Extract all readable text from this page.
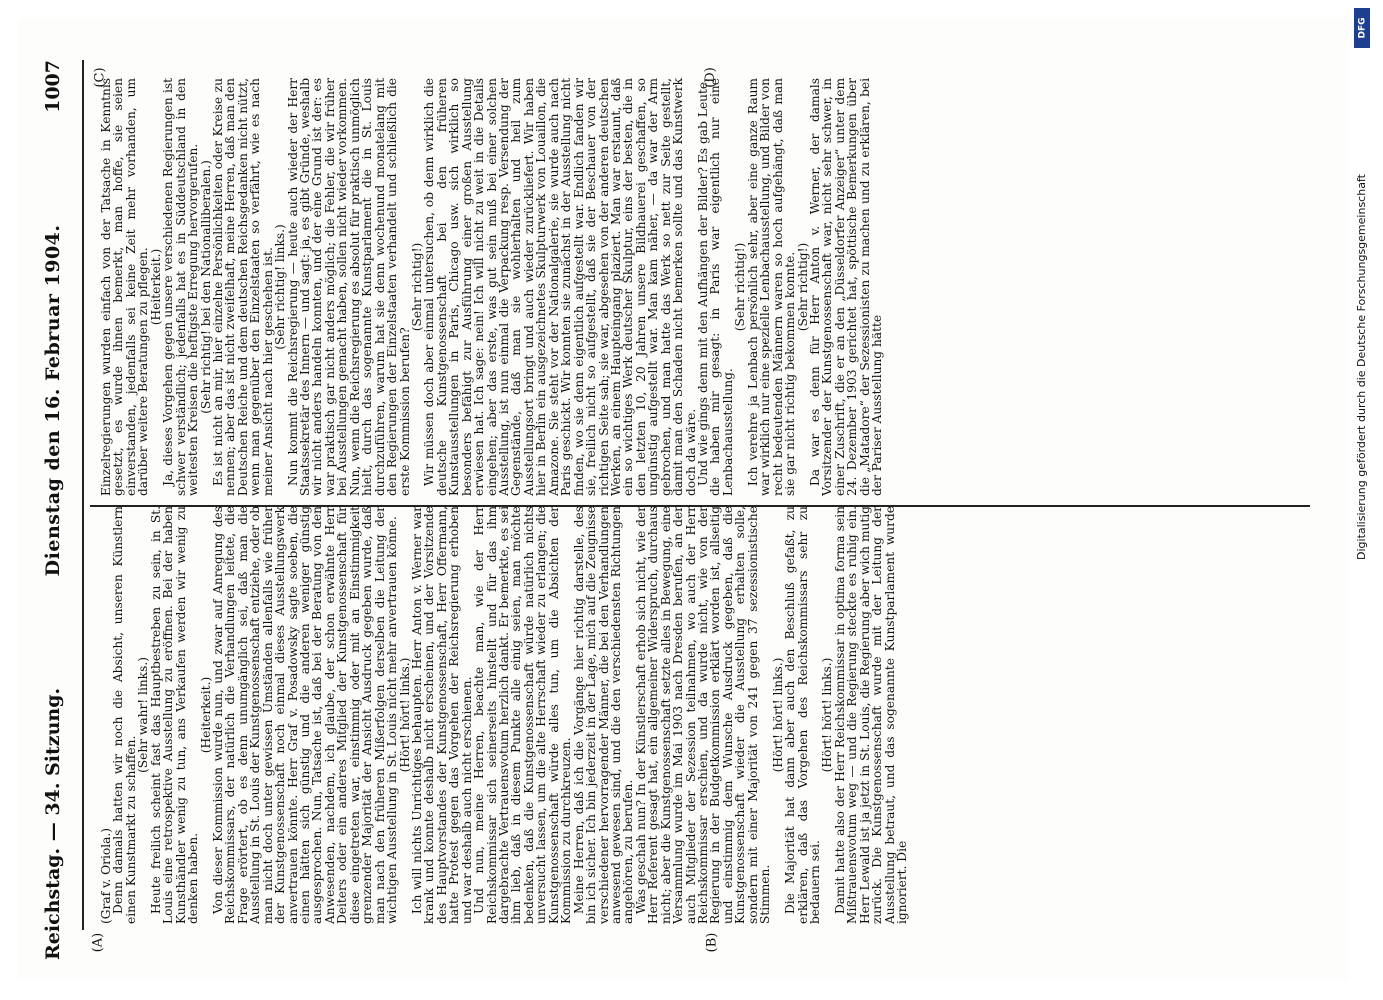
Reichstag. — 34. Sitzung.
Dienstag den 16. Februar 1904.
1007
(A)	(B)
(C)	(D)

(Graf v. Oriola.)

Denn damals hatten wir noch die Absicht, unseren Künstlern einen Kunstmarkt zu schaffen.

(Sehr wahr! links.)

Heute freilich scheint fast das Hauptbestreben zu sein, in St. Louis eine retrospektive Ausstellung zu eröffnen. Bei der haben Kunsthändler wenig zu tun, ans Verkaufen werden wir wenig zu denken haben.

(Heiterkeit.)

Von dieser Kommission wurde nun, und zwar auf Anregung des Reichskommissars, der natürlich die Verhandlungen leitete, die Frage erörtert, ob es denn unumgänglich sei, daß man die Ausstellung in St. Louis der Kunstgenossenschaft entziehe, oder ob man nicht doch unter gewissen Umständen allenfalls wie früher der Kunstgenossenschaft noch einmal dieses Ausstellungswerk anvertrauen könnte. Herr Graf v. Posadowsky sagte soeben, die einen hätten sich günstig und die anderen weniger günstig ausgesprochen. Nun, Tatsache ist, daß bei der Beratung von den Anwesenden, nachdem, ich glaube, der schon erwähnte Herr Deiters oder ein anderes Mitglied der Kunstgenossenschaft für diese eingetreten war, einstimmig oder mit an Einstimmigkeit grenzender Majorität der Ansicht Ausdruck gegeben wurde, daß man nach den früheren Mißerfolgen derselben die Leitung der wichtigen Ausstellung in St. Louis nicht mehr anvertrauen könne.

(Hört! hört! links.)

Ich will nichts Unrichtiges behaupten. Herr Anton v. Werner war krank und konnte deshalb nicht erscheinen, und der Vorsitzende des Hauptvorstandes der Kunstgenossenschaft, Herr Offermann, hatte Protest gegen das Vorgehen der Reichsregierung erhoben und war deshalb auch nicht erschienen.

Und nun, meine Herren, beachte man, wie der Herr Reichskommissar sich seinerseits hinstellt und für das ihm dargebrachte Vertrauensvotum herzlich dankt. Er bemerkte, es sei ihm lieb, daß in diesem Punkte alle einig seien, man möchte bedenken, daß die Kunstgenossenschaft würde natürlich nichts unversucht lassen, um die alte Herrschaft wieder zu erlangen; die Kunstgenossenschaft würde alles tun, um die Absichten der Kommission zu durchkreuzen.

Meine Herren, daß ich die Vorgänge hier richtig darstelle, des bin ich sicher. Ich bin jederzeit in der Lage, mich auf die Zeugnisse verschiedener hervorragender Männer, die bei den Verhandlungen anwesend gewesen sind, und die den verschiedensten Richtungen angehören, zu berufen.

Was geschah nun? In der Künstlerschaft erhob sich nicht, wie der Herr Referent gesagt hat, ein allgemeiner Widerspruch, durchaus nicht; aber die Kunstgenossenschaft setzte alles in Bewegung, eine Versammlung wurde im Mai 1903 nach Dresden berufen, an der auch Mitglieder der Sezession teilnahmen, wo auch der Herr Reichskommissar erschien, und da wurde nicht, wie von der Regierung in der Budgetkommission erklärt worden ist, allseitig und einstimmig dem Wunsche Ausdruck gegeben, daß die Kunstgenossenschaft wieder die Ausstellung erhalten solle, sondern mit einer Majorität von 241 gegen 37 sezessionistische Stimmen.

(Hört! hört! links.)

Die Majorität hat dann aber auch den Beschluß gefaßt, zu erklären, daß das Vorgehen des Reichskommissars sehr zu bedauern sei.

(Hört! hört! links.)

Damit hatte also der Herr Reichskommissar in optima forma sein Mißtrauensvotum weg — und die Regierung steckte es ruhig ein. Herr Lewald ist ja jetzt in St. Louis, die Regierung aber wich mutig zurück. Die Kunstgenossenschaft wurde mit der Leitung der Ausstellung betraut, und das sogenannte Kunstparlament wurde ignoriert. Die

Einzelregierungen wurden einfach von der Tatsache in Kenntnis gesetzt, es wurde ihnen bemerkt, man hoffe, sie seien einverstanden, jedenfalls sei keine Zeit mehr vorhanden, um darüber weitere Beratungen zu pflegen.

(Heiterkeit.)

Ja, dieses Vorgehen gegen unsere verschiedenen Regierungen ist schwer verständlich; jedenfalls hat es in Süddeutschland in den weitesten Kreisen die heftigste Erregung hervorgerufen.

(Sehr richtig! bei den Nationalliberalen.)

Es ist nicht an mir, hier einzelne Persönlichkeiten oder Kreise zu nennen; aber das ist nicht zweifelhaft, meine Herren, daß man den Deutschen Reiche und dem deutschen Reichsgedanken nicht nützt, wenn man gegenüber den Einzelstaaten so verfährt, wie es nach meiner Ansicht nach hier geschehen ist.

(Sehr richtig! links.)

Nun kommt die Reichsregierung — heute auch wieder der Herr Staatssekretär des Innern — und sagt: ja, es gibt Gründe, weshalb wir nicht anders handeln konnten, und der eine Grund ist der: es war praktisch gar nicht anders möglich; die Fehler, die wir früher bei Ausstellungen gemacht haben, sollen nicht wieder vorkommen. Nun, wenn die Reichsregierung es absolut für praktisch unmöglich hielt, durch das sogenannte Kunstparlament die in St. Louis durchzuführen, warum hat sie denn wochenund monatelang mit den Regierungen der Einzelstaaten verhandelt und schließlich die erste Kommission berufen?

(Sehr richtig!)

Wir müssen doch aber einmal untersuchen, ob denn wirklich die deutsche Kunstgenossenschaft bei den früheren Kunstausstellungen in Paris, Chicago usw. sich wirklich so besonders befähigt zur Ausführung einer großen Ausstellung erwiesen hat. Ich sage: nein! Ich will nicht zu weit in die Details eingehen; aber das erste, was gut sein muß bei einer solchen Ausstellung, ist nun einmal die Verpackung resp. Versendung der Gegenstände, daß man sie wohlerhalten und heil zum Ausstellungsort bringt und auch wieder zurückliefert. Wir haben hier in Berlin ein ausgezeichnetes Skulpturwerk von Louaillon, die Amazone. Sie steht vor der Nationalgalerie, sie wurde auch nach Paris geschickt. Wir konnten sie zunächst in der Ausstellung nicht finden, wo sie denn eigentlich aufgestellt war. Endlich fanden wir sie, freilich nicht so aufgestellt, daß sie der Beschauer von der richtigen Seite sah; sie war, abgesehen von der anderen deutschen Werken, an einem Haupteingang plaziert. Man war erstaunt, daß ein so wichtiges Werk deutscher Skulptur, eins der besten, die in den letzten 10, 20 Jahren unsere Bildhauerei geschaffen, so ungünstig aufgestellt war. Man kam näher, — da war der Arm gebrochen, und man hatte das Werk so nett zur Seite gestellt, damit man den Schaden nicht bemerken sollte und das Kunstwerk doch da wäre.

Und wie gings denn mit den Aufhängen der Bilder? Es gab Leute, die haben mir gesagt: in Paris war eigentlich nur eine Lenbachausstellung.

(Sehr richtig!)

Ich verehre ja Lenbach persönlich sehr, aber eine ganze Raum war wirklich nur eine spezielle Lenbachausstellung, und Bilder von recht bedeutenden Männern waren so hoch aufgehängt, daß man sie gar nicht richtig bekommen konnte.

(Sehr richtig!)

Da war es denn für Herr Anton v. Werner, der damals Vorsitzender der Kunstgenossenschaft war, nicht sehr schwer, in einer Zuschrift, die er an den „Düsseldorfer Anzeiger“ unter dem 24. Dezember 1903 gerichtet hat, spöttische Bemerkungen über die „Matadore“ der Sezessionisten zu machen und zu erklären, bei der Pariser Ausstellung hätte

DFG
Digitalisierung gefördert durch die Deutsche Forschungsgemeinschaft
